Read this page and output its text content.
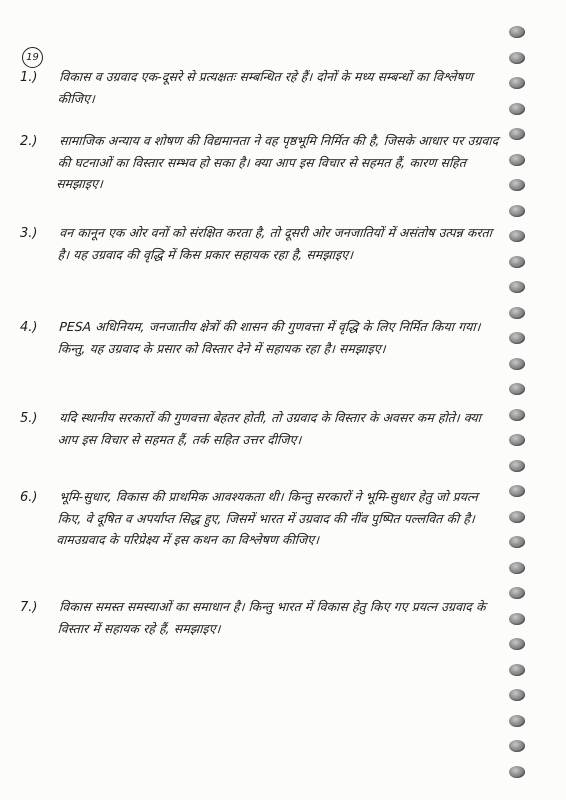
19
1.)	विकास व उग्रवाद एक-दूसरे से प्रत्यक्षतः सम्बन्धित रहे हैं। दोनों के मध्य सम्बन्धों का विश्लेषण कीजिए।
2.)	सामाजिक अन्याय व शोषण की विद्यमानता ने वह पृष्ठभूमि निर्मित की है, जिसके आधार पर उग्रवाद की घटनाओं का विस्तार सम्भव हो सका है। क्या आप इस विचार से सहमत हैं, कारण सहित समझाइए।
3.)	वन कानून एक ओर वनों को संरक्षित करता है, तो दूसरी ओर जनजातियों में असंतोष उत्पन्न करता है। यह उग्रवाद की वृद्धि में किस प्रकार सहायक रहा है, समझाइए।
4.)	PESA अधिनियम, जनजातीय क्षेत्रों की शासन की गुणवत्ता में वृद्धि के लिए निर्मित किया गया। किन्तु, यह उग्रवाद के प्रसार को विस्तार देने में सहायक रहा है। समझाइए।
5.)	यदि स्थानीय सरकारों की गुणवत्ता बेहतर होती, तो उग्रवाद के विस्तार के अवसर कम होते। क्या आप इस विचार से सहमत हैं, तर्क सहित उत्तर दीजिए।
6.)	भूमि-सुधार, विकास की प्राथमिक आवश्यकता थी। किन्तु सरकारों ने भूमि-सुधार हेतु जो प्रयत्न किए, वे दूषित व अपर्याप्त सिद्ध हुए, जिसमें भारत में उग्रवाद की नींव पुष्पित पल्लवित की है। वामउग्रवाद के परिप्रेक्ष्य में इस कथन का विश्लेषण कीजिए।
7.)	विकास समस्त समस्याओं का समाधान है। किन्तु भारत में विकास हेतु किए गए प्रयत्न उग्रवाद के विस्तार में सहायक रहे हैं, समझाइए।
